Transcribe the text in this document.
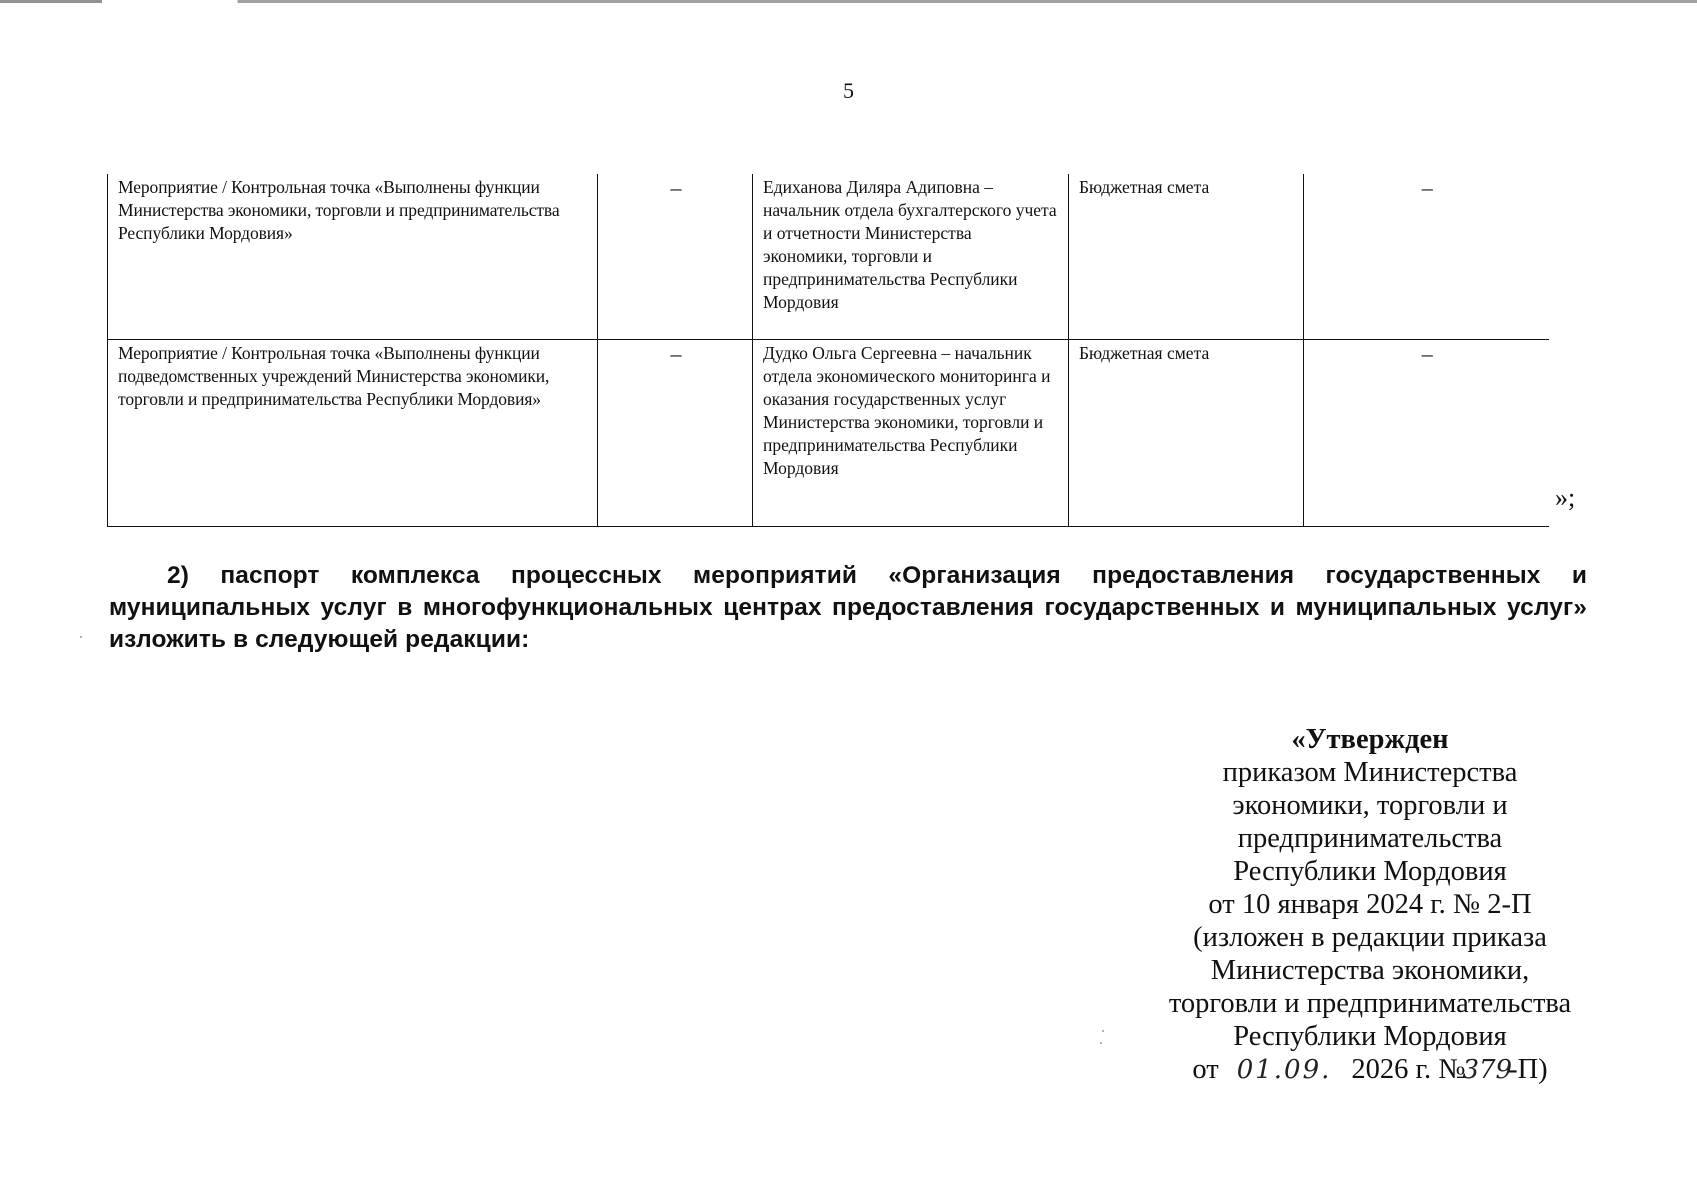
5
Мероприятие / Контрольная точка «Выполнены функции Министерства экономики, торговли и предпринимательства Республики Мордовия»	–	Едиханова Диляра Адиповна – начальник отдела бухгалтерского учета и отчетности Министерства экономики, торговли и предпринимательства Республики Мордовия	Бюджетная смета	–
Мероприятие / Контрольная точка «Выполнены функции подведомственных учреждений Министерства экономики, торговли и предпринимательства Республики Мордовия»	–	Дудко Ольга Сергеевна – начальник отдела экономического мониторинга и оказания государственных услуг Министерства экономики, торговли и предпринимательства Республики Мордовия	Бюджетная смета	–
»;
2) паспорт комплекса процессных мероприятий «Организация предоставления государственных и муниципальных услуг в многофункциональных центрах предоставления государственных и муниципальных услуг» изложить в следующей редакции:
«Утвержден
приказом Министерства
экономики, торговли и
предпринимательства
Республики Мордовия
от 10 января 2024 г. № 2-П
(изложен в редакции приказа
Министерства экономики,
торговли и предпринимательства
Республики Мордовия
от 01.09. 2026 г. №379-П)
